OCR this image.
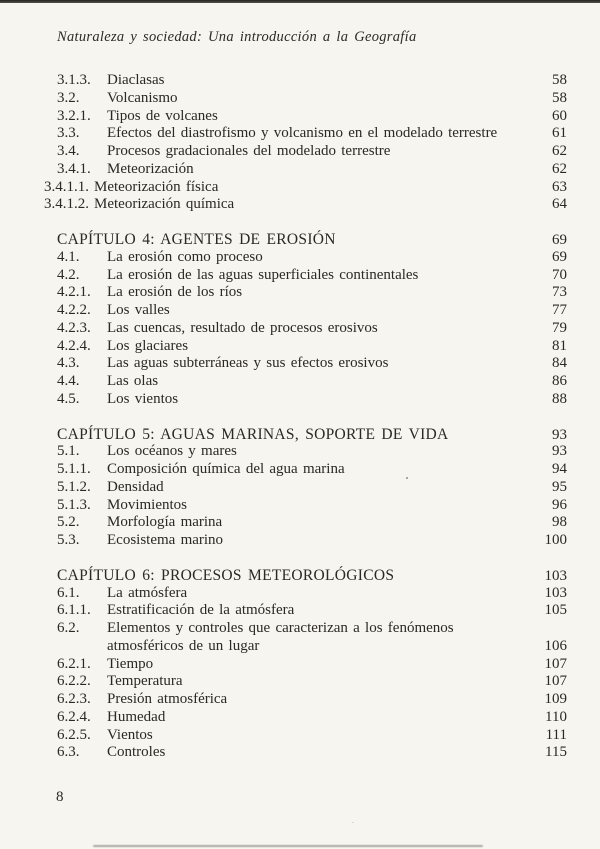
Naturaleza y sociedad: Una introducción a la Geografía
3.1.3.	Diaclasas	58
3.2.	Volcanismo	58
3.2.1.	Tipos de volcanes	60
3.3.	Efectos del diastrofismo y volcanismo en el modelado terrestre	61
3.4.	Procesos gradacionales del modelado terrestre	62
3.4.1.	Meteorización	62
3.4.1.1. Meteorización física	63
3.4.1.2. Meteorización química	64
CAPÍTULO 4: AGENTES DE EROSIÓN	69
4.1.	La erosión como proceso	69
4.2.	La erosión de las aguas superficiales continentales	70
4.2.1.	La erosión de los ríos	73
4.2.2.	Los valles	77
4.2.3.	Las cuencas, resultado de procesos erosivos	79
4.2.4.	Los glaciares	81
4.3.	Las aguas subterráneas y sus efectos erosivos	84
4.4.	Las olas	86
4.5.	Los vientos	88
CAPÍTULO 5: AGUAS MARINAS, SOPORTE DE VIDA	93
5.1.	Los océanos y mares	93
5.1.1.	Composición química del agua marina	94
5.1.2.	Densidad	95
5.1.3.	Movimientos	96
5.2.	Morfología marina	98
5.3.	Ecosistema marino	100
CAPÍTULO 6: PROCESOS METEOROLÓGICOS	103
6.1.	La atmósfera	103
6.1.1.	Estratificación de la atmósfera	105
6.2.	Elementos y controles que caracterizan a los fenómenos
atmosféricos de un lugar	106
6.2.1.	Tiempo	107
6.2.2.	Temperatura	107
6.2.3.	Presión atmosférica	109
6.2.4.	Humedad	110
6.2.5.	Vientos	111
6.3.	Controles	115
8
